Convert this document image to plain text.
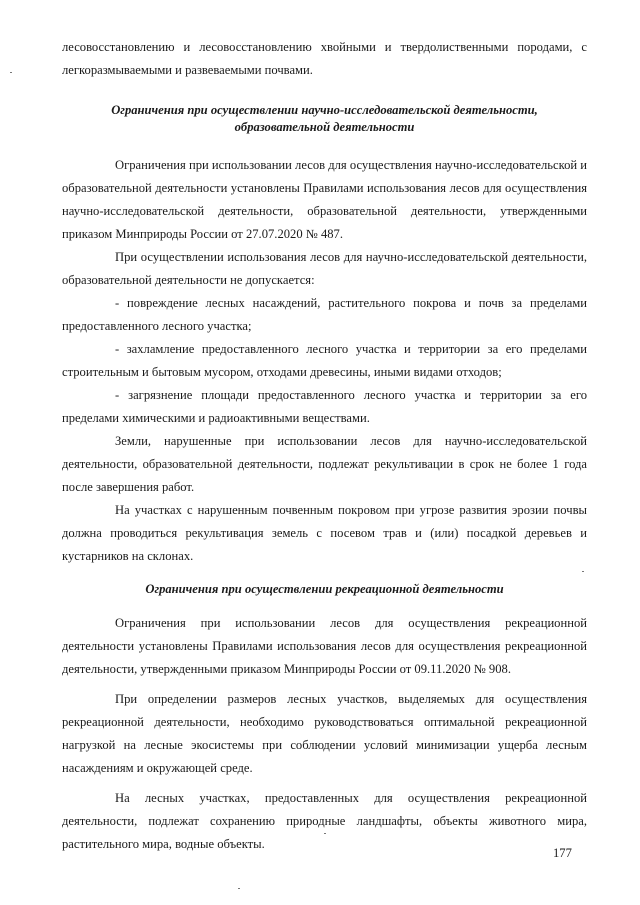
лесовосстановлению и лесовосстановлению хвойными и твердолиственными породами, с легкоразмываемыми и развеваемыми почвами.

Ограничения при осуществлении научно-исследовательской деятельности, образовательной деятельности

Ограничения при использовании лесов для осуществления научно-исследовательской и образовательной деятельности установлены Правилами использования лесов для осуществления научно-исследовательской деятельности, образовательной деятельности, утвержденными приказом Минприроды России от 27.07.2020 № 487.

При осуществлении использования лесов для научно-исследовательской деятельности, образовательной деятельности не допускается:

- повреждение лесных насаждений, растительного покрова и почв за пределами предоставленного лесного участка;

- захламление предоставленного лесного участка и территории за его пределами строительным и бытовым мусором, отходами древесины, иными видами отходов;

- загрязнение площади предоставленного лесного участка и территории за его пределами химическими и радиоактивными веществами.

Земли, нарушенные при использовании лесов для научно-исследовательской деятельности, образовательной деятельности, подлежат рекультивации в срок не более 1 года после завершения работ.

На участках с нарушенным почвенным покровом при угрозе развития эрозии почвы должна проводиться рекультивация земель с посевом трав и (или) посадкой деревьев и кустарников на склонах.

Ограничения при осуществлении рекреационной деятельности

Ограничения при использовании лесов для осуществления рекреационной деятельности установлены Правилами использования лесов для осуществления рекреационной деятельности, утвержденными приказом Минприроды России от 09.11.2020 № 908.

При определении размеров лесных участков, выделяемых для осуществления рекреационной деятельности, необходимо руководствоваться оптимальной рекреационной нагрузкой на лесные экосистемы при соблюдении условий минимизации ущерба лесным насаждениям и окружающей среде.

На лесных участках, предоставленных для осуществления рекреационной деятельности, подлежат сохранению природные ландшафты, объекты животного мира, растительного мира, водные объекты.

177
